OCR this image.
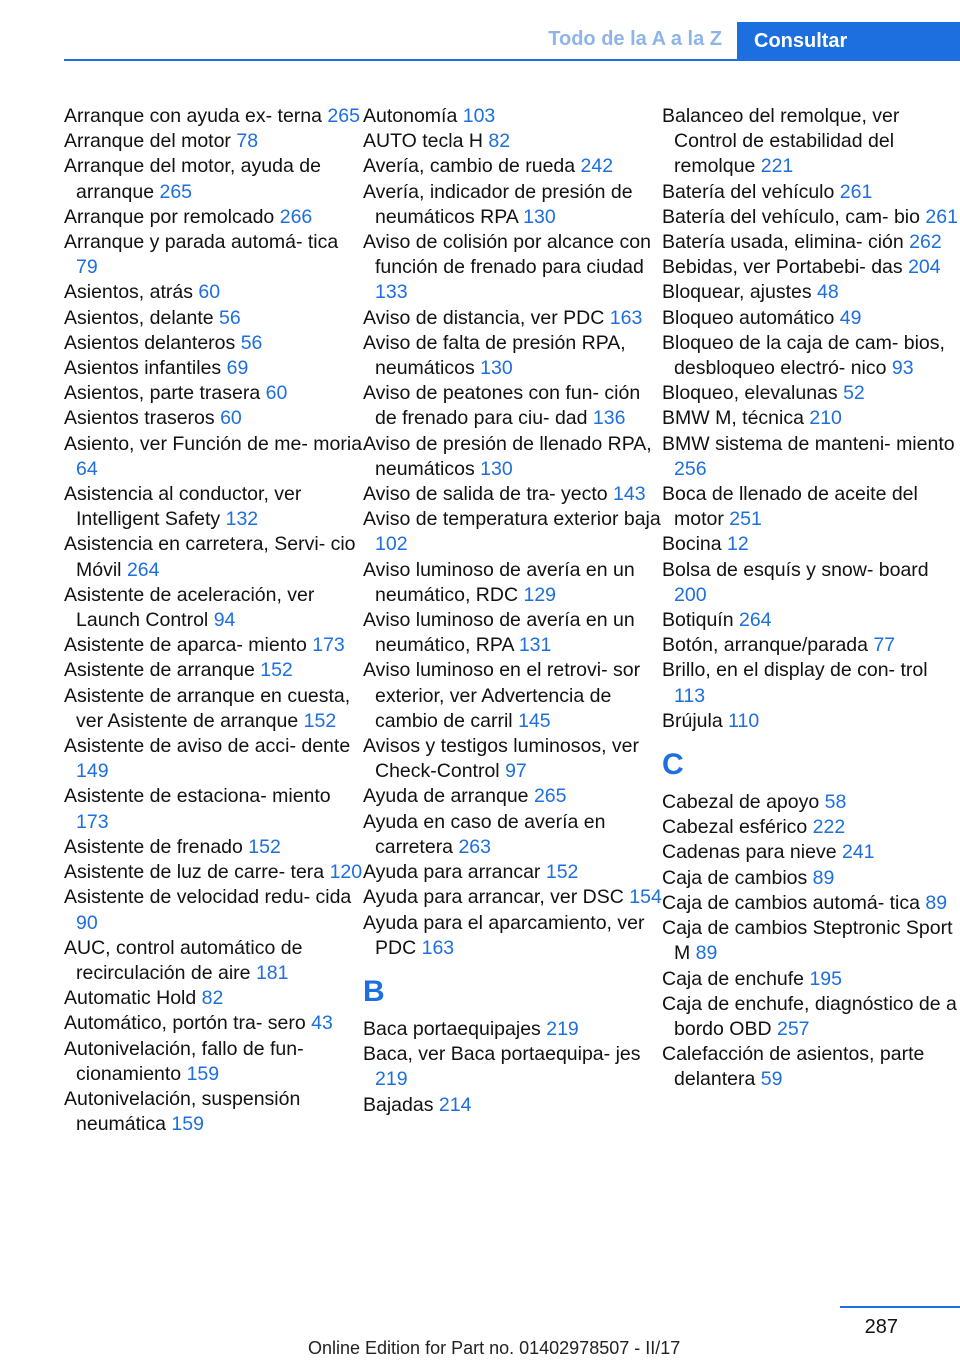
Todo de la A a la Z	Consultar
Arranque con ayuda ex‐ terna 265
Arranque del motor 78
Arranque del motor, ayuda de arranque 265
Arranque por remolcado 266
Arranque y parada automá‐ tica 79
Asientos, atrás 60
Asientos, delante 56
Asientos delanteros 56
Asientos infantiles 69
Asientos, parte trasera 60
Asientos traseros 60
Asiento, ver Función de me‐ moria 64
Asistencia al conductor, ver Intelligent Safety 132
Asistencia en carretera, Servi‐ cio Móvil 264
Asistente de aceleración, ver Launch Control 94
Asistente de aparca‐ miento 173
Asistente de arranque 152
Asistente de arranque en cuesta, ver Asistente de arranque 152
Asistente de aviso de acci‐ dente 149
Asistente de estaciona‐ miento 173
Asistente de frenado 152
Asistente de luz de carre‐ tera 120
Asistente de velocidad redu‐ cida 90
AUC, control automático de recirculación de aire 181
Automatic Hold 82
Automático, portón tra‐ sero 43
Autonivelación, fallo de fun‐ cionamiento 159
Autonivelación, suspensión neumática 159
Autonomía 103
AUTO tecla H 82
Avería, cambio de rueda 242
Avería, indicador de presión de neumáticos RPA 130
Aviso de colisión por alcance con función de frenado para ciudad 133
Aviso de distancia, ver PDC 163
Aviso de falta de presión RPA, neumáticos 130
Aviso de peatones con fun‐ ción de frenado para ciu‐ dad 136
Aviso de presión de llenado RPA, neumáticos 130
Aviso de salida de tra‐ yecto 143
Aviso de temperatura exterior baja 102
Aviso luminoso de avería en un neumático, RDC 129
Aviso luminoso de avería en un neumático, RPA 131
Aviso luminoso en el retrovi‐ sor exterior, ver Advertencia de cambio de carril 145
Avisos y testigos luminosos, ver Check-Control 97
Ayuda de arranque 265
Ayuda en caso de avería en carretera 263
Ayuda para arrancar 152
Ayuda para arrancar, ver DSC 154
Ayuda para el aparcamiento, ver PDC 163
B
Baca portaequipajes 219
Baca, ver Baca portaequipa‐ jes 219
Bajadas 214
Balanceo del remolque, ver Control de estabilidad del remolque 221
Batería del vehículo 261
Batería del vehículo, cam‐ bio 261
Batería usada, elimina‐ ción 262
Bebidas, ver Portabebi‐ das 204
Bloquear, ajustes 48
Bloqueo automático 49
Bloqueo de la caja de cam‐ bios, desbloqueo electró‐ nico 93
Bloqueo, elevalunas 52
BMW M, técnica 210
BMW sistema de manteni‐ miento 256
Boca de llenado de aceite del motor 251
Bocina 12
Bolsa de esquís y snow‐ board 200
Botiquín 264
Botón, arranque/parada 77
Brillo, en el display de con‐ trol 113
Brújula 110
C
Cabezal de apoyo 58
Cabezal esférico 222
Cadenas para nieve 241
Caja de cambios 89
Caja de cambios automá‐ tica 89
Caja de cambios Steptronic Sport M 89
Caja de enchufe 195
Caja de enchufe, diagnóstico de a bordo OBD 257
Calefacción de asientos, parte delantera 59
287
Online Edition for Part no. 01402978507 - II/17
